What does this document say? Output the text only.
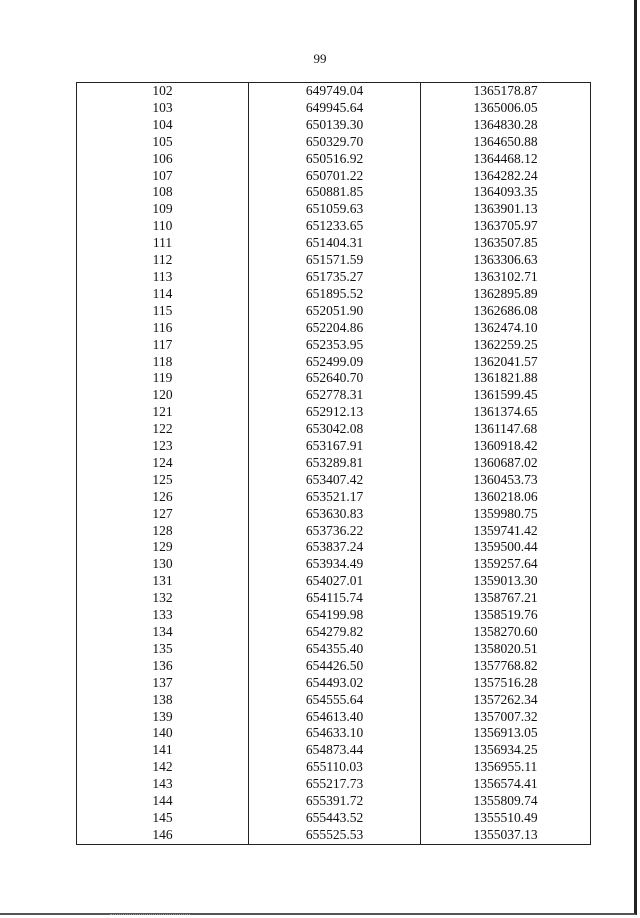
99
102	649749.04	1365178.87
103	649945.64	1365006.05
104	650139.30	1364830.28
105	650329.70	1364650.88
106	650516.92	1364468.12
107	650701.22	1364282.24
108	650881.85	1364093.35
109	651059.63	1363901.13
110	651233.65	1363705.97
111	651404.31	1363507.85
112	651571.59	1363306.63
113	651735.27	1363102.71
114	651895.52	1362895.89
115	652051.90	1362686.08
116	652204.86	1362474.10
117	652353.95	1362259.25
118	652499.09	1362041.57
119	652640.70	1361821.88
120	652778.31	1361599.45
121	652912.13	1361374.65
122	653042.08	1361147.68
123	653167.91	1360918.42
124	653289.81	1360687.02
125	653407.42	1360453.73
126	653521.17	1360218.06
127	653630.83	1359980.75
128	653736.22	1359741.42
129	653837.24	1359500.44
130	653934.49	1359257.64
131	654027.01	1359013.30
132	654115.74	1358767.21
133	654199.98	1358519.76
134	654279.82	1358270.60
135	654355.40	1358020.51
136	654426.50	1357768.82
137	654493.02	1357516.28
138	654555.64	1357262.34
139	654613.40	1357007.32
140	654633.10	1356913.05
141	654873.44	1356934.25
142	655110.03	1356955.11
143	655217.73	1356574.41
144	655391.72	1355809.74
145	655443.52	1355510.49
146	655525.53	1355037.13
